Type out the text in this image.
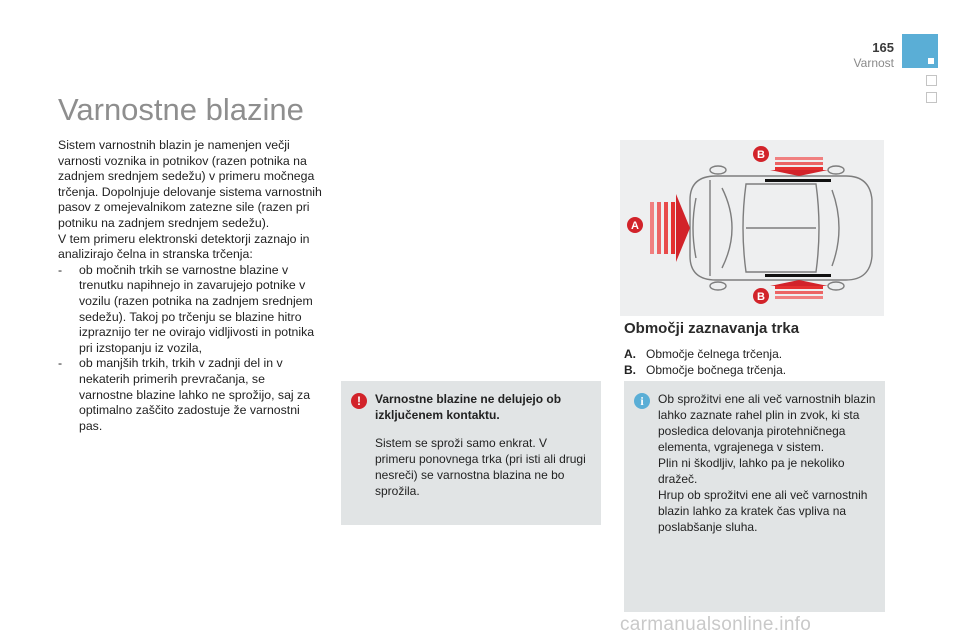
165
Varnost
Varnostne blazine

Sistem varnostnih blazin je namenjen večji varnosti voznika in potnikov (razen potnika na zadnjem srednjem sedežu) v primeru močnega trčenja. Dopolnjuje delovanje sistema varnostnih pasov z omejevalnikom zatezne sile (razen pri potniku na zadnjem srednjem sedežu).

V tem primeru elektronski detektorji zaznajo in analizirajo čelna in stranska trčenja:

-	ob močnih trkih se varnostne blazine v trenutku napihnejo in zavarujejo potnike v vozilu (razen potnika na zadnjem srednjem sedežu). Takoj po trčenju se blazine hitro izpraznijo ter ne ovirajo vidljivosti in potnika pri izstopanju iz vozila,
-	ob manjših trkih, trkih v zadnji del in v nekaterih primerih prevračanja, se varnostne blazine lahko ne sprožijo, saj za optimalno zaščito zadostuje že varnostni pas.
!	Varnostne blazine ne delujejo ob izključenem kontaktu.
Sistem se sproži samo enkrat. V primeru ponovnega trka (pri isti ali drugi nesreči) se varnostna blazina ne bo sprožila.
A
B
B
Območji zaznavanja trka
A. Območje čelnega trčenja.
B. Območje bočnega trčenja.
i	Ob sprožitvi ene ali več varnostnih blazin lahko zaznate rahel plin in zvok, ki sta posledica delovanja pirotehničnega elementa, vgrajenega v sistem.
Plin ni škodljiv, lahko pa je nekoliko dražeč.
Hrup ob sprožitvi ene ali več varnostnih blazin lahko za kratek čas vpliva na poslabšanje sluha.
carmanualsonline.info
